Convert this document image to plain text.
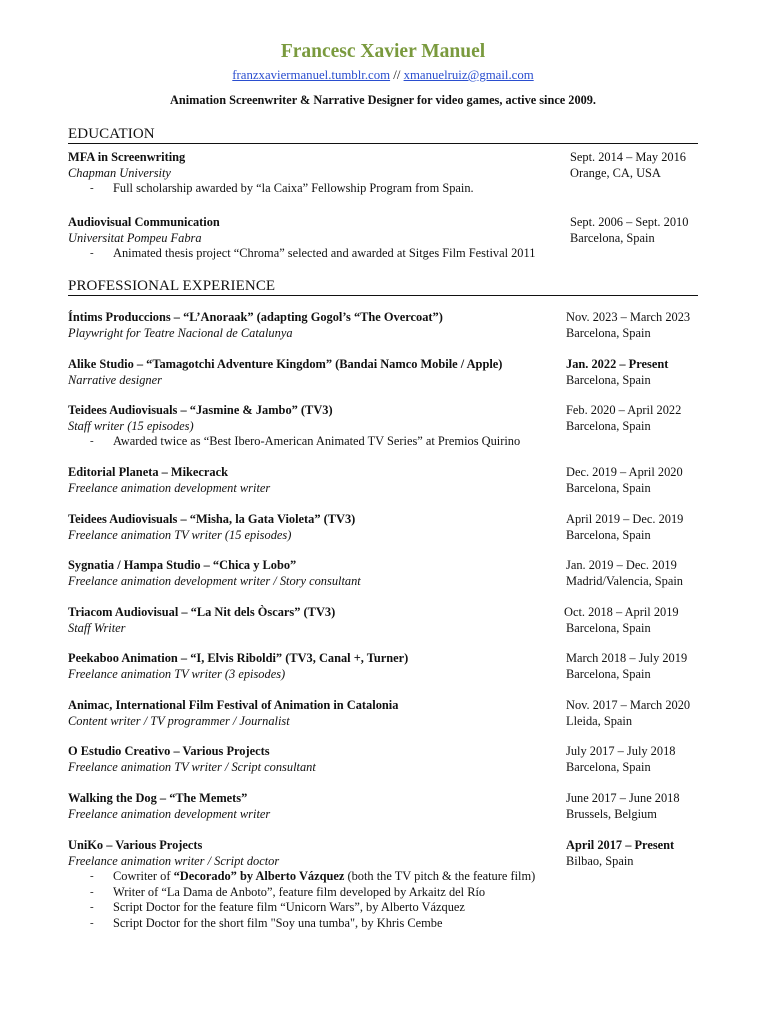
Francesc Xavier Manuel
franzxaviermanuel.tumblr.com // xmanuelruiz@gmail.com
Animation Screenwriter & Narrative Designer for video games, active since 2009.
EDUCATION
MFA in Screenwriting	Sept. 2014 – May 2016
Chapman University	Orange, CA, USA
- Full scholarship awarded by “la Caixa” Fellowship Program from Spain.
Audiovisual Communication	Sept. 2006 – Sept. 2010
Universitat Pompeu Fabra	Barcelona, Spain
- Animated thesis project “Chroma” selected and awarded at Sitges Film Festival 2011
PROFESSIONAL EXPERIENCE
Íntims Produccions – “L’Anoraak” (adapting Gogol’s “The Overcoat”)	Nov. 2023 – March 2023
Playwright for Teatre Nacional de Catalunya	Barcelona, Spain
Alike Studio – “Tamagotchi Adventure Kingdom” (Bandai Namco Mobile / Apple)	Jan. 2022 – Present
Narrative designer	Barcelona, Spain
Teidees Audiovisuals – “Jasmine & Jambo” (TV3)	Feb. 2020 – April 2022
Staff writer (15 episodes)	Barcelona, Spain
- Awarded twice as “Best Ibero-American Animated TV Series” at Premios Quirino
Editorial Planeta – Mikecrack	Dec. 2019 – April 2020
Freelance animation development writer	Barcelona, Spain
Teidees Audiovisuals – “Misha, la Gata Violeta” (TV3)	April 2019 – Dec. 2019
Freelance animation TV writer (15 episodes)	Barcelona, Spain
Sygnatia / Hampa Studio – “Chica y Lobo”	Jan. 2019 – Dec. 2019
Freelance animation development writer / Story consultant	Madrid/Valencia, Spain
Triacom Audiovisual – “La Nit dels Òscars” (TV3)	Oct. 2018 – April 2019
Staff Writer	Barcelona, Spain
Peekaboo Animation – “I, Elvis Riboldi” (TV3, Canal +, Turner)	March 2018 – July 2019
Freelance animation TV writer (3 episodes)	Barcelona, Spain
Animac, International Film Festival of Animation in Catalonia	Nov. 2017 – March 2020
Content writer / TV programmer / Journalist	Lleida, Spain
O Estudio Creativo – Various Projects	July 2017 – July 2018
Freelance animation TV writer / Script consultant	Barcelona, Spain
Walking the Dog – “The Memets”	June 2017 – June 2018
Freelance animation development writer	Brussels, Belgium
UniKo – Various Projects	April 2017 – Present
Freelance animation writer / Script doctor	Bilbao, Spain
- Cowriter of “Decorado” by Alberto Vázquez (both the TV pitch & the feature film)
- Writer of “La Dama de Anboto”, feature film developed by Arkaitz del Río
- Script Doctor for the feature film “Unicorn Wars”, by Alberto Vázquez
- Script Doctor for the short film "Soy una tumba", by Khris Cembe
